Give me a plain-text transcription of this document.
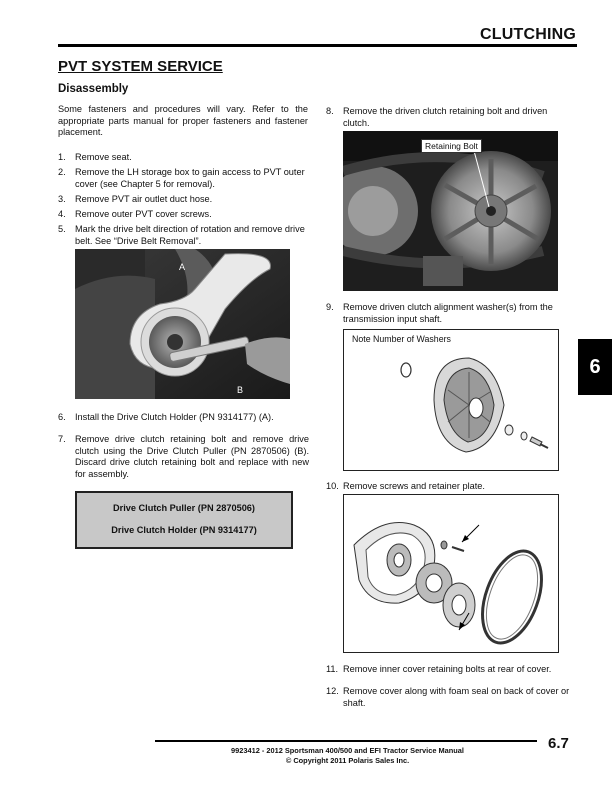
CLUTCHING
PVT SYSTEM SERVICE
Disassembly
Some fasteners and procedures will vary. Refer to the appropriate parts manual for proper fasteners and fastener placement.
1. Remove seat.
2. Remove the LH storage box to gain access to PVT outer cover (see Chapter 5 for removal).
3. Remove PVT air outlet duct hose.
4. Remove outer PVT cover screws.
5. Mark the drive belt direction of rotation and remove drive belt. See “Drive Belt Removal”.
A
B
6. Install the Drive Clutch Holder (PN 9314177) (A).
7. Remove drive clutch retaining bolt and remove drive clutch using the Drive Clutch Puller (PN 2870506) (B). Discard drive clutch retaining bolt and replace with new for assembly.
Drive Clutch Puller (PN 2870506)
Drive Clutch Holder (PN 9314177)
8. Remove the driven clutch retaining bolt and driven clutch.
Retaining Bolt
9. Remove driven clutch alignment washer(s) from the transmission input shaft.
Note Number of Washers
10. Remove screws and retainer plate.
11. Remove inner cover retaining bolts at rear of cover.
12. Remove cover along with foam seal on back of cover or shaft.
6
6.7
9923412 - 2012 Sportsman 400/500 and EFI Tractor Service Manual
© Copyright 2011 Polaris Sales Inc.
